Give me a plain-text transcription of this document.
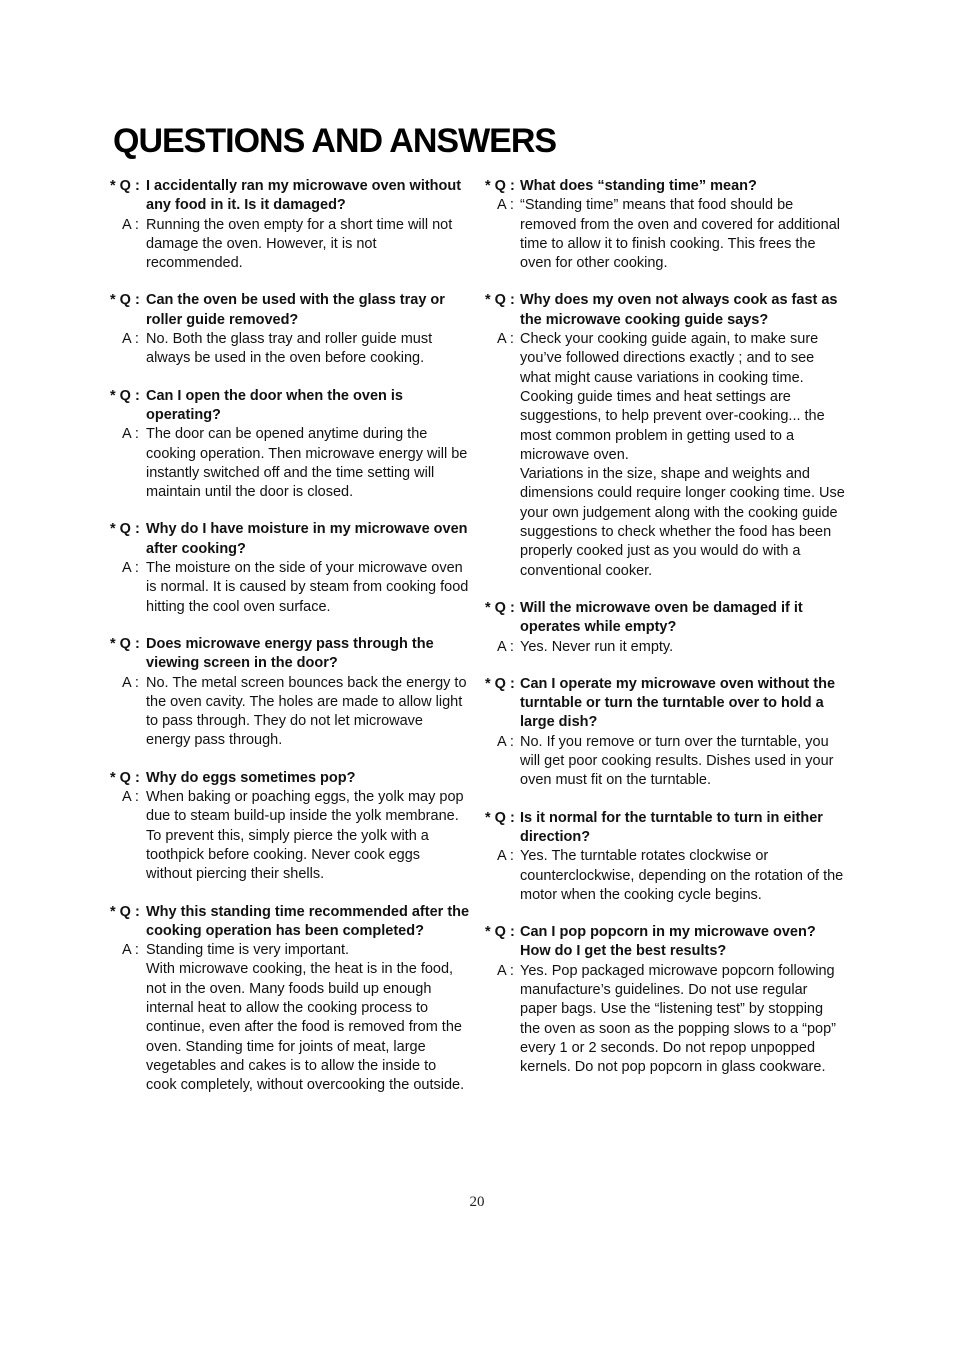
QUESTIONS AND ANSWERS
* Q : I accidentally ran my microwave oven without any food in it. Is it damaged?
A : Running the oven empty for a short time will not damage the oven. However, it is not recommended.
* Q : Can the oven be used with the glass tray or roller guide removed?
A : No. Both the glass tray and roller guide must always be used in the oven before cooking.
* Q : Can I open the door when the oven is operating?
A : The door can be opened anytime during the cooking operation. Then microwave energy will be instantly switched off and the time setting will maintain until the door is closed.
* Q : Why do I have moisture in my microwave oven after cooking?
A : The moisture on the side of your microwave oven is normal. It is caused by steam from cooking food hitting the cool oven surface.
* Q : Does microwave energy pass through the viewing screen in the door?
A : No. The metal screen bounces back the energy to the oven cavity. The holes are made to allow light to pass through. They do not let microwave energy pass through.
* Q : Why do eggs sometimes pop?
A : When baking or poaching eggs, the yolk may pop due to steam build-up inside the yolk membrane. To prevent this, simply pierce the yolk with a toothpick before cooking. Never cook eggs without piercing their shells.
* Q : Why this standing time recommended after the cooking operation has been completed?
A : Standing time is very important.
With microwave cooking, the heat is in the food, not in the oven. Many foods build up enough internal heat to allow the cooking process to continue, even after the food is removed from the oven. Standing time for joints of meat, large vegetables and cakes is to allow the inside to cook completely, without overcooking the outside.
* Q : What does “standing time” mean?
A : “Standing time” means that food should be removed from the oven and covered for additional time to allow it to finish cooking. This frees the oven for other cooking.
* Q : Why does my oven not always cook as fast as the microwave cooking guide says?
A : Check your cooking guide again, to make sure you’ve followed directions exactly ; and to see what might cause variations in cooking time. Cooking guide times and heat settings are suggestions, to help prevent over-cooking... the most common problem in getting used to a microwave oven.
Variations in the size, shape and weights and dimensions could require longer cooking time. Use your own judgement along with the cooking guide suggestions to check whether the food has been properly cooked just as you would do with a conventional cooker.
* Q : Will the microwave oven be damaged if it operates while empty?
A : Yes. Never run it empty.
* Q : Can I operate my microwave oven without the turntable or turn the turntable over to hold a large dish?
A : No. If you remove or turn over the turntable, you will get poor cooking results. Dishes used in your oven must fit on the turntable.
* Q : Is it normal for the turntable to turn in either direction?
A : Yes. The turntable rotates clockwise or counterclockwise, depending on the rotation of the motor when the cooking cycle begins.
* Q : Can I pop popcorn in my microwave oven? How do I get the best results?
A : Yes. Pop packaged microwave popcorn following manufacture’s guidelines. Do not use regular paper bags. Use the “listening test” by stopping the oven as soon as the popping slows to a “pop” every 1 or 2 seconds. Do not repop unpopped kernels. Do not pop popcorn in glass cookware.
20
